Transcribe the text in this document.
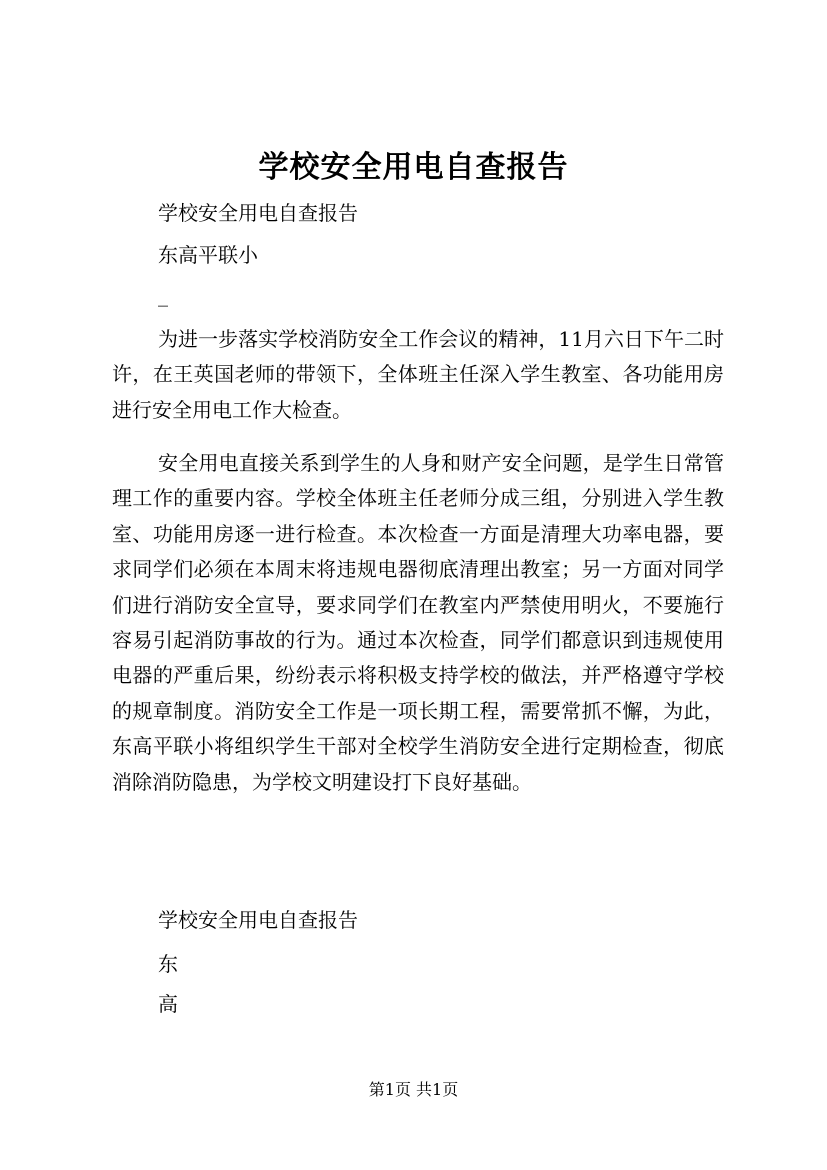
学校安全用电自查报告
学校安全用电自查报告
东高平联小
_

为进一步落实学校消防安全工作会议的精神，11月六日下午二时许，在王英国老师的带领下，全体班主任深入学生教室、各功能用房进行安全用电工作大检查。

安全用电直接关系到学生的人身和财产安全问题，是学生日常管理工作的重要内容。学校全体班主任老师分成三组，分别进入学生教室、功能用房逐一进行检查。本次检查一方面是清理大功率电器，要求同学们必须在本周末将违规电器彻底清理出教室；另一方面对同学们进行消防安全宣导，要求同学们在教室内严禁使用明火，不要施行容易引起消防事故的行为。通过本次检查，同学们都意识到违规使用电器的严重后果，纷纷表示将积极支持学校的做法，并严格遵守学校的规章制度。消防安全工作是一项长期工程，需要常抓不懈，为此，东高平联小将组织学生干部对全校学生消防安全进行定期检查，彻底消除消防隐患，为学校文明建设打下良好基础。

学校安全用电自查报告
东
高
第1页 共1页
